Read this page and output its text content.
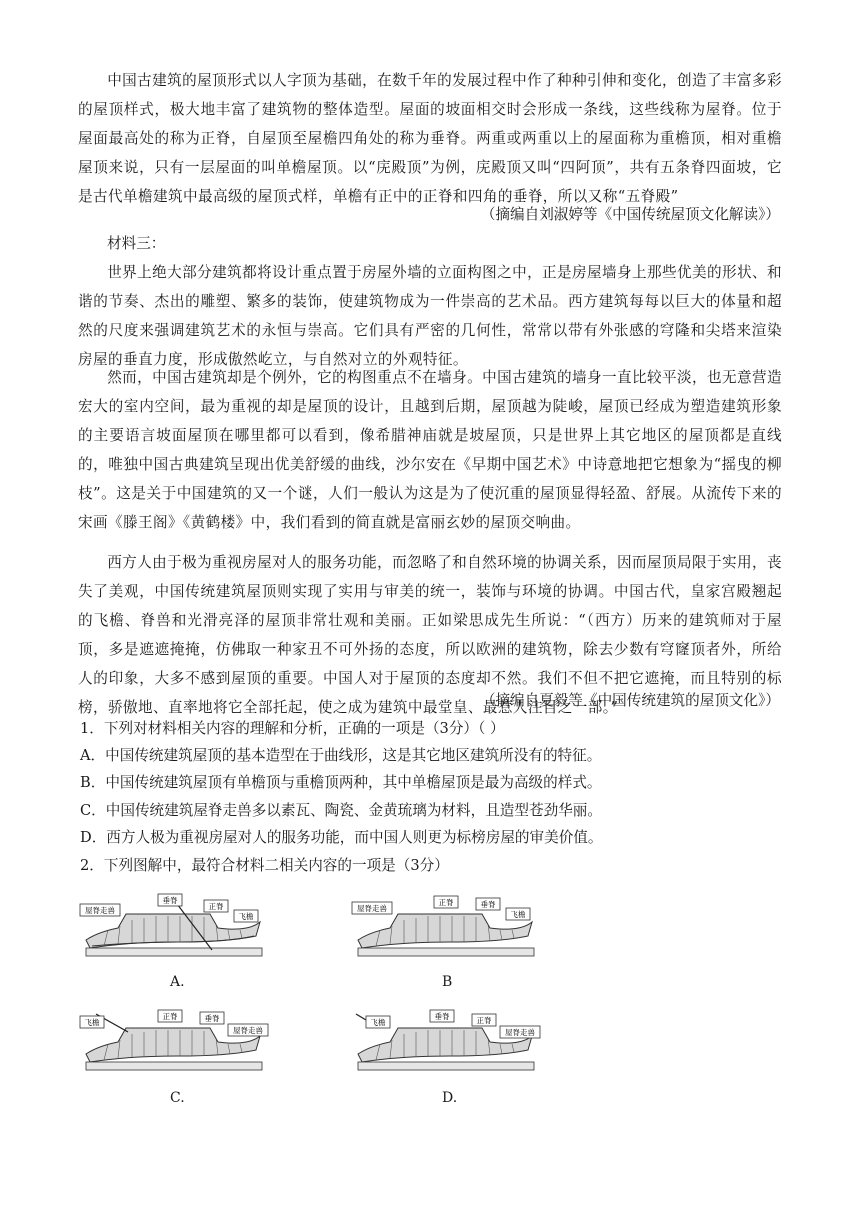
中国古建筑的屋顶形式以人字顶为基础，在数千年的发展过程中作了种种引伸和变化，创造了丰富多彩的屋顶样式，极大地丰富了建筑物的整体造型。屋面的坡面相交时会形成一条线，这些线称为屋脊。位于屋面最高处的称为正脊，自屋顶至屋檐四角处的称为垂脊。两重或两重以上的屋面称为重檐顶，相对重檐屋顶来说，只有一层屋面的叫单檐屋顶。以“庑殿顶”为例，庑殿顶又叫“四阿顶”，共有五条脊四面坡，它是古代单檐建筑中最高级的屋顶式样，单檐有正中的正脊和四角的垂脊，所以又称“五脊殿”

（摘编自刘淑婷等《中国传统屋顶文化解读》）

材料三：

世界上绝大部分建筑都将设计重点置于房屋外墙的立面构图之中，正是房屋墙身上那些优美的形状、和谐的节奏、杰出的雕塑、繁多的装饰，使建筑物成为一件崇高的艺术品。西方建筑每每以巨大的体量和超然的尺度来强调建筑艺术的永恒与崇高。它们具有严密的几何性，常常以带有外张感的穹隆和尖塔来渲染房屋的垂直力度，形成傲然屹立，与自然对立的外观特征。

然而，中国古建筑却是个例外，它的构图重点不在墙身。中国古建筑的墙身一直比较平淡，也无意营造宏大的室内空间，最为重视的却是屋顶的设计，且越到后期，屋顶越为陡峻，屋顶已经成为塑造建筑形象的主要语言坡面屋顶在哪里都可以看到，像希腊神庙就是坡屋顶，只是世界上其它地区的屋顶都是直线的，唯独中国古典建筑呈现出优美舒缓的曲线，沙尔安在《早期中国艺术》中诗意地把它想象为“摇曳的柳枝”。这是关于中国建筑的又一个谜，人们一般认为这是为了使沉重的屋顶显得轻盈、舒展。从流传下来的宋画《滕王阁》《黄鹤楼》中，我们看到的简直就是富丽玄妙的屋顶交响曲。

西方人由于极为重视房屋对人的服务功能，而忽略了和自然环境的协调关系，因而屋顶局限于实用，丧失了美观，中国传统建筑屋顶则实现了实用与审美的统一，装饰与环境的协调。中国古代，皇家宫殿翘起的飞檐、脊兽和光滑亮泽的屋顶非常壮观和美丽。正如梁思成先生所说：“（西方）历来的建筑师对于屋顶，多是遮遮掩掩，仿佛取一种家丑不可外扬的态度，所以欧洲的建筑物，除去少数有穹窿顶者外，所给人的印象，大多不感到屋顶的重要。中国人对于屋顶的态度却不然。我们不但不把它遮掩，而且特别的标榜，骄傲地、直率地将它全部托起，使之成为建筑中最堂皇、最惹人注目之一部。”

（摘编自夏毅等《中国传统建筑的屋顶文化》）

1．下列对材料相关内容的理解和分析，正确的一项是（3分）（ ）

A．中国传统建筑屋顶的基本造型在于曲线形，这是其它地区建筑所没有的特征。

B．中国传统建筑屋顶有单檐顶与重檐顶两种，其中单檐屋顶是最为高级的样式。

C．中国传统建筑屋脊走兽多以素瓦、陶瓷、金黄琉璃为材料，且造型苍劲华丽。

D．西方人极为重视房屋对人的服务功能，而中国人则更为标榜房屋的审美价值。

2．下列图解中，最符合材料二相关内容的一项是（3分）

屋脊走兽
垂脊
正脊
飞檐
A.
屋脊走兽
正脊	垂脊
飞檐
B
飞檐
正脊	垂脊
屋脊走兽
C.
飞檐
垂脊	正脊
屋脊走兽
D.
